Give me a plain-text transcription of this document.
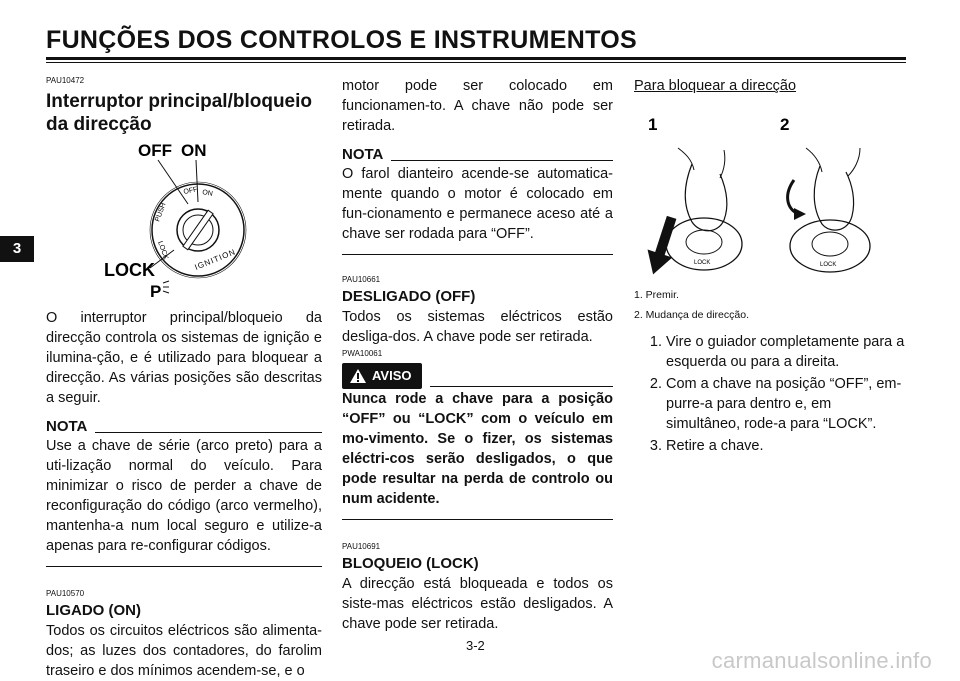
FUNÇÕES DOS CONTROLOS E INSTRUMENTOS
3

PAU10472

Interruptor principal/bloqueio da direcção
OFF ON
OFF ON
PUSH
LOCK	IGNITION
LOCK
P

O interruptor principal/bloqueio da direcção controla os sistemas de ignição e ilumina-ção, e é utilizado para bloquear a direcção. As várias posições são descritas a seguir.

NOTA

Use a chave de série (arco preto) para a uti-lização normal do veículo. Para minimizar o risco de perder a chave de reconfiguração do código (arco vermelho), mantenha-a num local seguro e utilize-a apenas para re-configurar códigos.

PAU10570

LIGADO (ON)

Todos os circuitos eléctricos são alimenta-dos; as luzes dos contadores, do farolim traseiro e dos mínimos acendem-se, e o

motor pode ser colocado em funcionamen-to. A chave não pode ser retirada.

NOTA

O farol dianteiro acende-se automatica-mente quando o motor é colocado em fun-cionamento e permanece aceso até a chave ser rodada para “OFF”.

PAU10661

DESLIGADO (OFF)

Todos os sistemas eléctricos estão desliga-dos. A chave pode ser retirada.

PWA10061

AVISO

Nunca rode a chave para a posição “OFF” ou “LOCK” com o veículo em mo-vimento. Se o fizer, os sistemas eléctri-cos serão desligados, o que pode resultar na perda de controlo ou num acidente.

PAU10691

BLOQUEIO (LOCK)

A direcção está bloqueada e todos os siste-mas eléctricos estão desligados. A chave pode ser retirada.

Para bloquear a direcção

1	2
LOCK	LOCK

1. Premir.

2. Mudança de direcção.

1. Vire o guiador completamente para a esquerda ou para a direita.
2. Com a chave na posição “OFF”, em-purre-a para dentro e, em simultâneo, rode-a para “LOCK”.
3. Retire a chave.
3-2
carmanualsonline.info
